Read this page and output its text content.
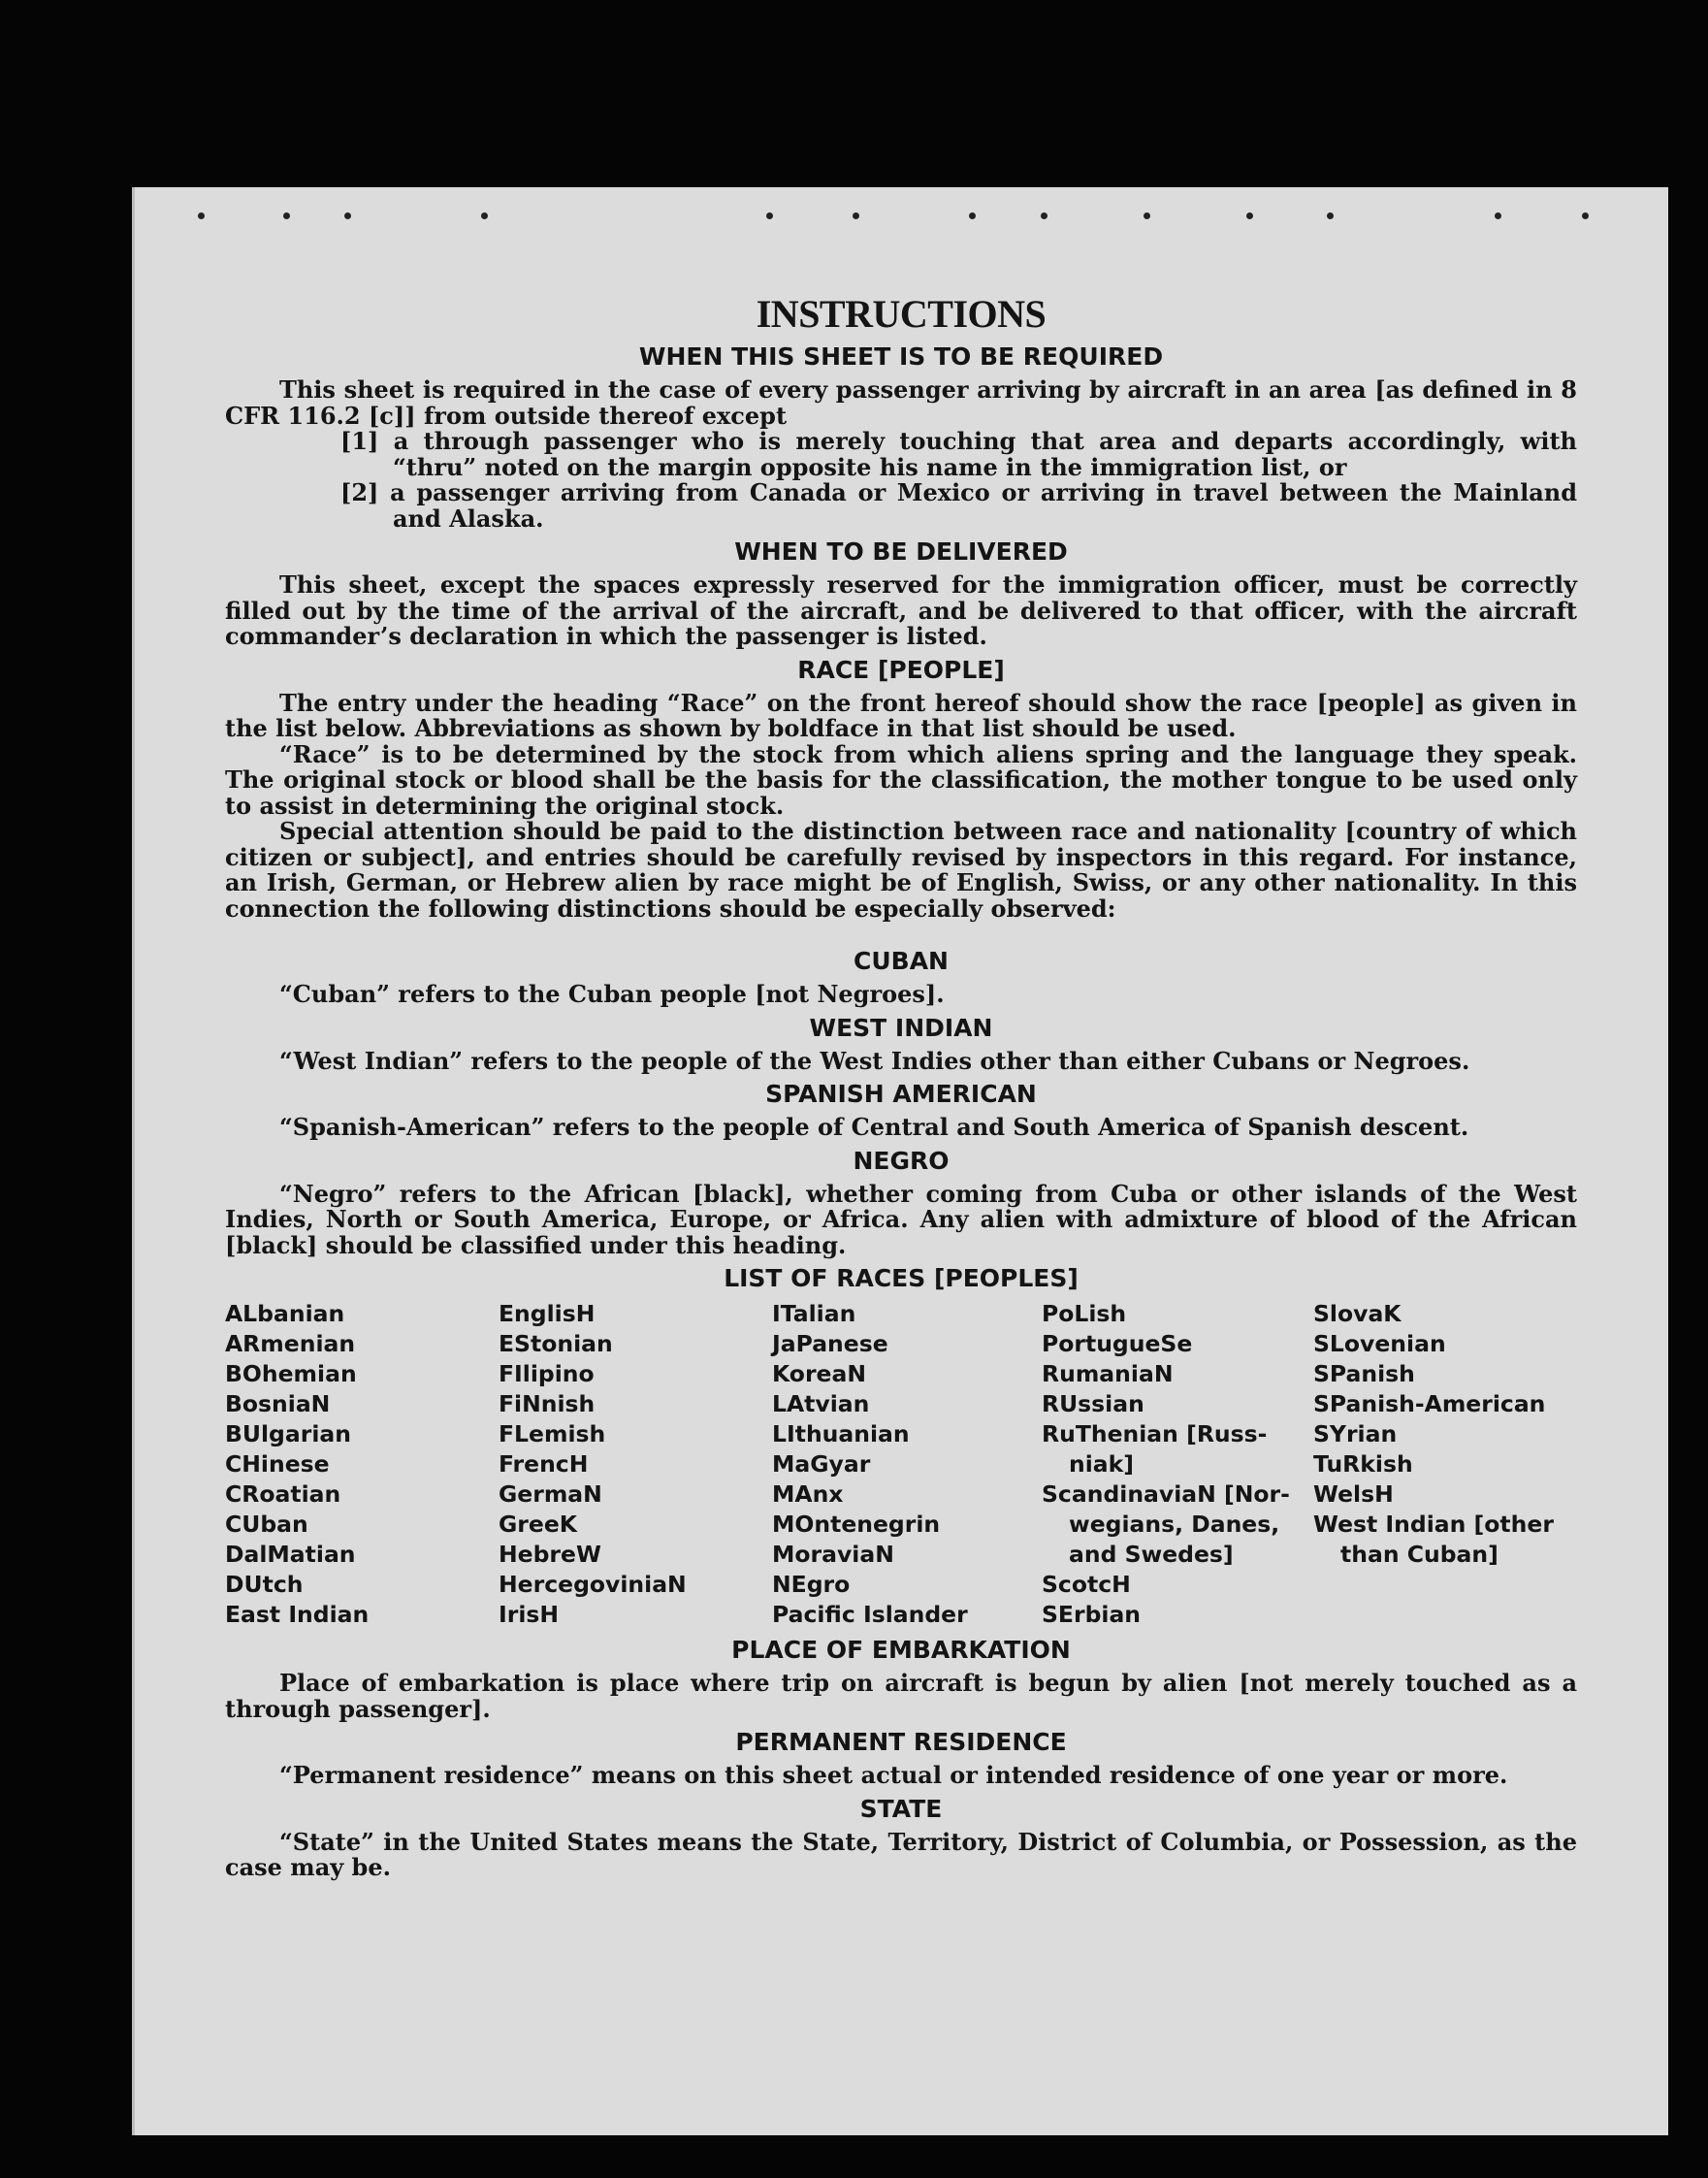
INSTRUCTIONS
WHEN THIS SHEET IS TO BE REQUIRED

This sheet is required in the case of every passenger arriving by aircraft in an area [as defined in 8 CFR 116.2 [c]] from outside thereof except

[1] a through passenger who is merely touching that area and departs accordingly, with “thru” noted on the margin opposite his name in the immigration list, or
[2] a passenger arriving from Canada or Mexico or arriving in travel between the Mainland and Alaska.
WHEN TO BE DELIVERED

This sheet, except the spaces expressly reserved for the immigration officer, must be correctly filled out by the time of the arrival of the aircraft, and be delivered to that officer, with the aircraft commander’s declaration in which the passenger is listed.

RACE [PEOPLE]

The entry under the heading “Race” on the front hereof should show the race [people] as given in the list below. Abbreviations as shown by boldface in that list should be used.

“Race” is to be determined by the stock from which aliens spring and the language they speak. The original stock or blood shall be the basis for the classification, the mother tongue to be used only to assist in determining the original stock.

Special attention should be paid to the distinction between race and nationality [country of which citizen or subject], and entries should be carefully revised by inspectors in this regard. For instance, an Irish, German, or Hebrew alien by race might be of English, Swiss, or any other nationality. In this connection the following distinctions should be especially observed:

CUBAN

“Cuban” refers to the Cuban people [not Negroes].

WEST INDIAN

“West Indian” refers to the people of the West Indies other than either Cubans or Negroes.

SPANISH AMERICAN

“Spanish-American” refers to the people of Central and South America of Spanish descent.

NEGRO

“Negro” refers to the African [black], whether coming from Cuba or other islands of the West Indies, North or South America, Europe, or Africa. Any alien with admixture of blood of the African [black] should be classified under this heading.

LIST OF RACES [PEOPLES]
ALbanian
ARmenian
BOhemian
BosniaN
BUlgarian
CHinese
CRoatian
CUban
DalMatian
DUtch
East Indian
EnglisH
EStonian
FIlipino
FiNnish
FLemish
FrencH
GermaN
GreeK
HebreW
HercegoviniaN
IrisH
ITalian
JaPanese
KoreaN
LAtvian
LIthuanian
MaGyar
MAnx
MOntenegrin
MoraviaN
NEgro
Pacific Islander
PoLish
PortugueSe
RumaniaN
RUssian
RuThenian [Russ-
niak]
ScandinaviaN [Nor-
wegians, Danes,
and Swedes]
ScotcH
SErbian
SlovaK
SLovenian
SPanish
SPanish-American
SYrian
TuRkish
WelsH
West Indian [other
than Cuban]
PLACE OF EMBARKATION

Place of embarkation is place where trip on aircraft is begun by alien [not merely touched as a through passenger].

PERMANENT RESIDENCE

“Permanent residence” means on this sheet actual or intended residence of one year or more.

STATE

“State” in the United States means the State, Territory, District of Columbia, or Possession, as the case may be.
